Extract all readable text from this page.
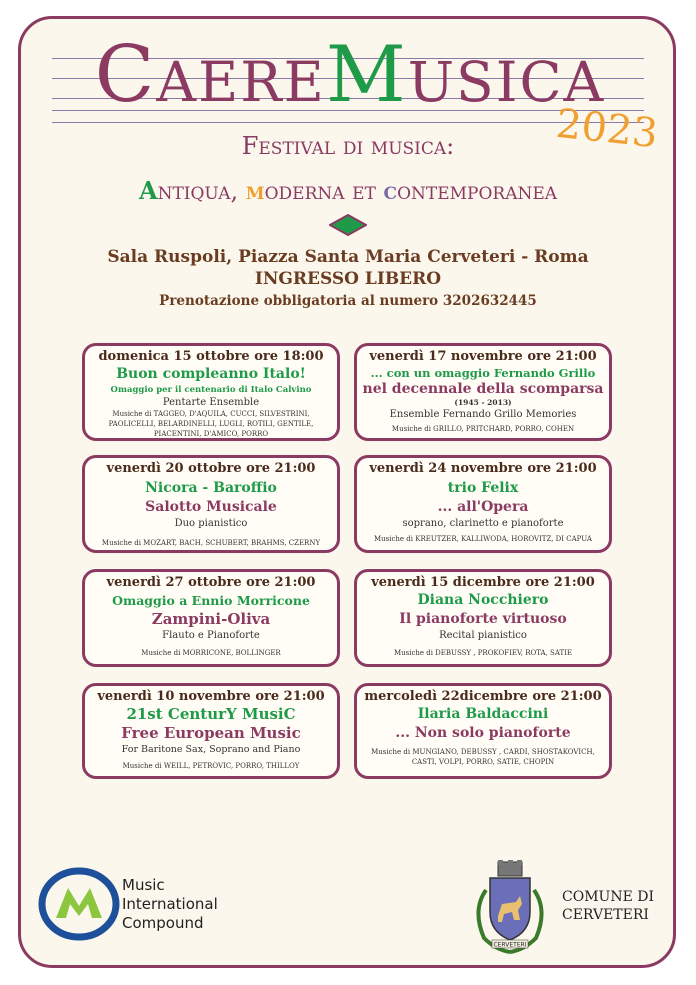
CaereMusica
2023
Festival di musica:
Antiqua, moderna et contemporanea
Sala Ruspoli, Piazza Santa Maria Cerveteri - Roma
INGRESSO LIBERO
Prenotazione obbligatoria al numero 3202632445
domenica 15 ottobre ore 18:00
Buon compleanno Italo!
Omaggio per il centenario di Italo Calvino
Pentarte Ensemble
Musiche di TAGGEO, D'AQUILA, CUCCI, SILVESTRINI, PAOLICELLI, BELARDINELLI, LUGLI, ROTILI, GENTILE, PIACENTINI, D'AMICO, PORRO
venerdì 17 novembre ore 21:00
... con un omaggio Fernando Grillo
nel decennale della scomparsa
(1945 - 2013)
Ensemble Fernando Grillo Memories
Musiche di GRILLO, PRITCHARD, PORRO, COHEN
venerdì 20 ottobre ore 21:00
Nicora - Baroffio
Salotto Musicale
Duo pianistico
Musiche di MOZART, BACH, SCHUBERT, BRAHMS, CZERNY
venerdì 24 novembre ore 21:00
trio Felix
... all'Opera
soprano, clarinetto e pianoforte
Musiche di KREUTZER, KALLIWODA, HOROVITZ, DI CAPUA
venerdì 27 ottobre ore 21:00
Omaggio a Ennio Morricone
Zampini-Oliva
Flauto e Pianoforte
Musiche di MORRICONE, BOLLINGER
venerdì 15 dicembre ore 21:00
Diana Nocchiero
Il pianoforte virtuoso
Recital pianistico
Musiche di DEBUSSY , PROKOFIEV, ROTA, SATIE
venerdì 10 novembre ore 21:00
21st CenturY MusiC
Free European Music
For Baritone Sax, Soprano and Piano
Musiche di WEILL, PETROVIC, PORRO, THILLOY
mercoledì 22dicembre ore 21:00
Ilaria Baldaccini
... Non solo pianoforte
Musiche di MUNGIANO, DEBUSSY , CARDI, SHOSTAKOVICH, CASTI, VOLPI, PORRO, SATIE, CHOPIN
Music
International
Compound
CERVETERI
COMUNE DI
CERVETERI
